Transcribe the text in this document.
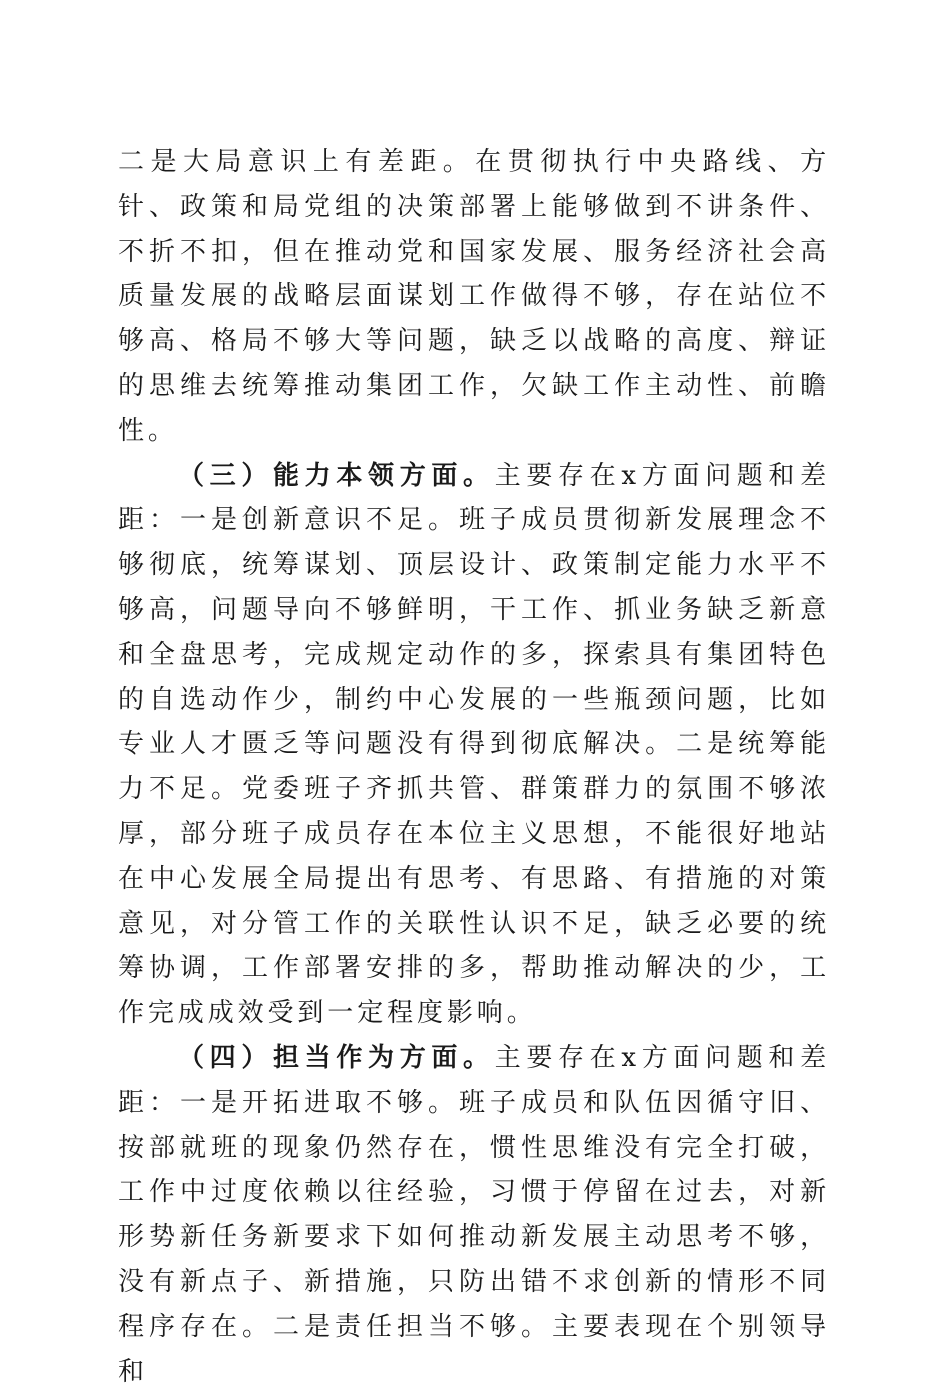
二是大局意识上有差距。在贯彻执行中央路线、方针、政策和局党组的决策部署上能够做到不讲条件、不折不扣，但在推动党和国家发展、服务经济社会高质量发展的战略层面谋划工作做得不够，存在站位不够高、格局不够大等问题，缺乏以战略的高度、辩证的思维去统筹推动集团工作，欠缺工作主动性、前瞻性。

（三）能力本领方面。主要存在x方面问题和差距：一是创新意识不足。班子成员贯彻新发展理念不够彻底，统筹谋划、顶层设计、政策制定能力水平不够高，问题导向不够鲜明，干工作、抓业务缺乏新意和全盘思考，完成规定动作的多，探索具有集团特色的自选动作少，制约中心发展的一些瓶颈问题，比如专业人才匮乏等问题没有得到彻底解决。二是统筹能力不足。党委班子齐抓共管、群策群力的氛围不够浓厚，部分班子成员存在本位主义思想，不能很好地站在中心发展全局提出有思考、有思路、有措施的对策意见，对分管工作的关联性认识不足，缺乏必要的统筹协调，工作部署安排的多，帮助推动解决的少，工作完成成效受到一定程度影响。

（四）担当作为方面。主要存在x方面问题和差距：一是开拓进取不够。班子成员和队伍因循守旧、按部就班的现象仍然存在，惯性思维没有完全打破，工作中过度依赖以往经验，习惯于停留在过去，对新形势新任务新要求下如何推动新发展主动思考不够，没有新点子、新措施，只防出错不求创新的情形不同程序存在。二是责任担当不够。主要表现在个别领导和
